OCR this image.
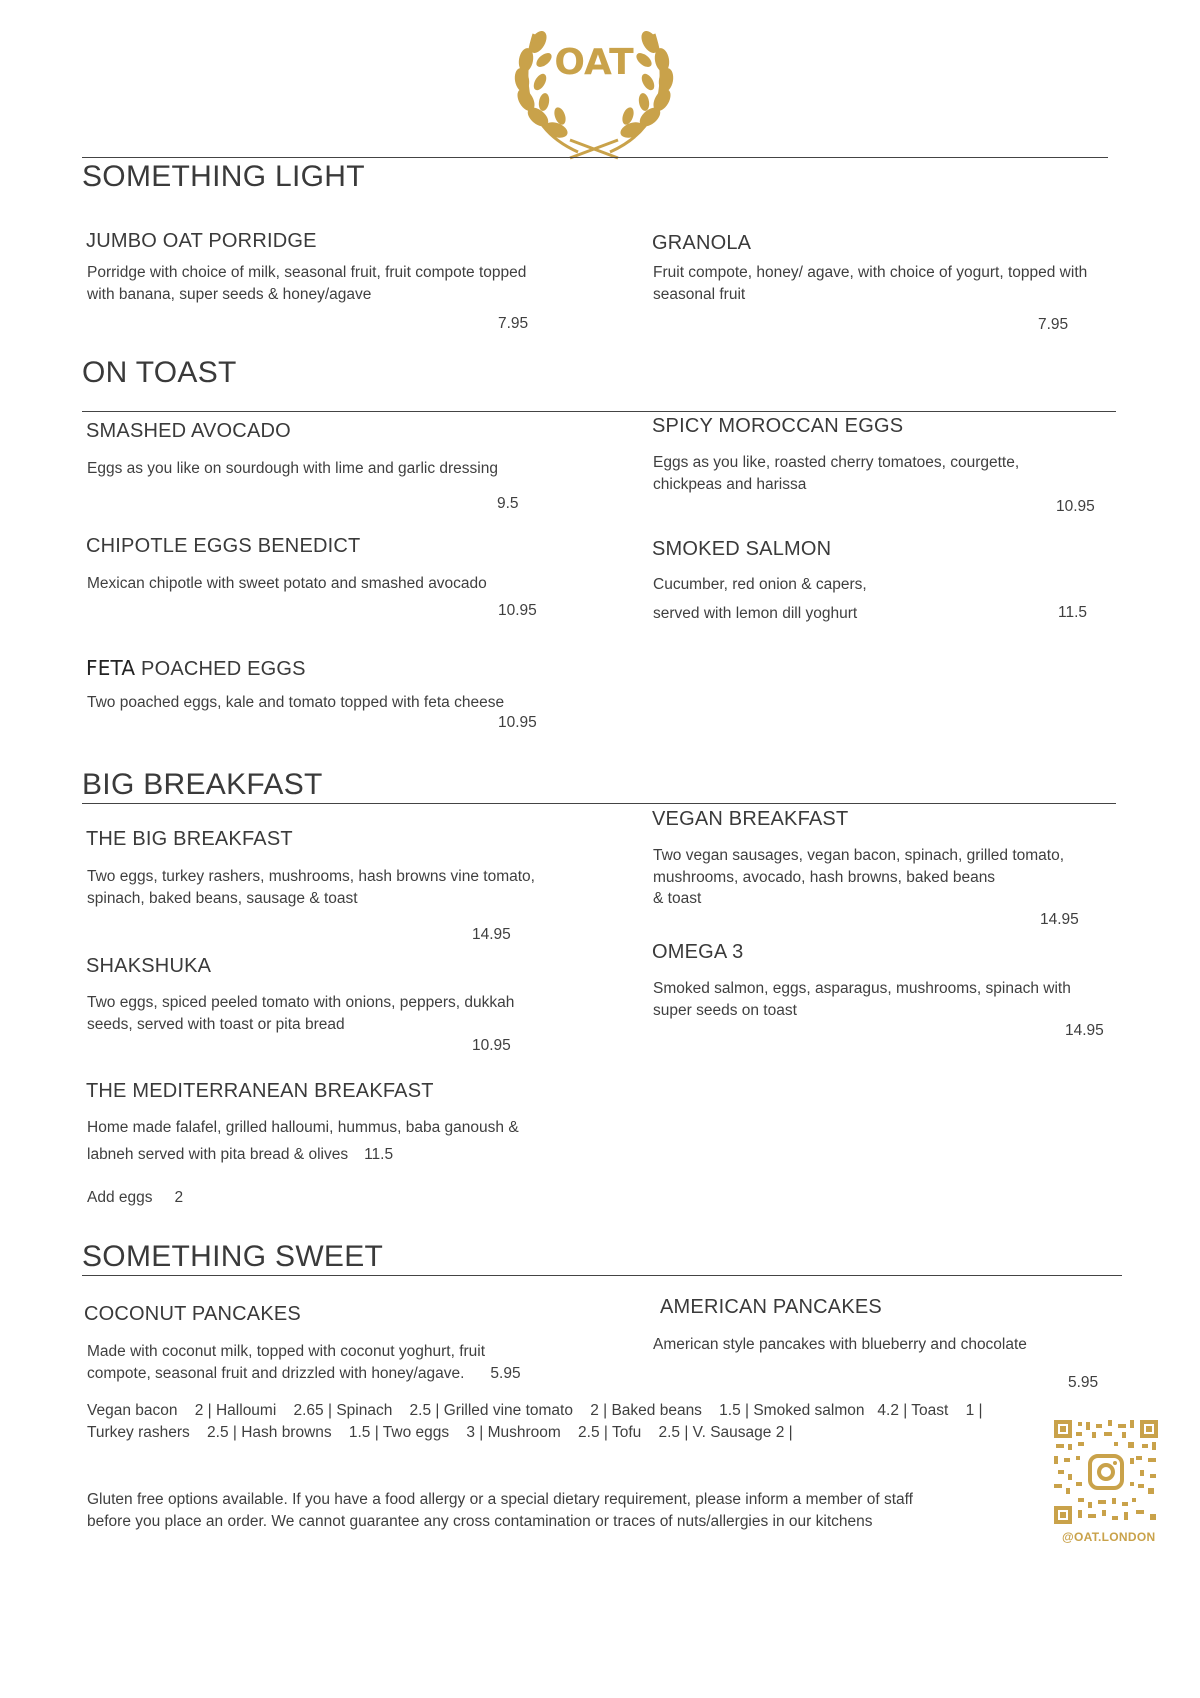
OAT
SOMETHING LIGHT
JUMBO OAT PORRIDGE
Porridge with choice of milk, seasonal fruit, fruit compote topped
with banana, super seeds & honey/agave
7.95
GRANOLA
Fruit compote, honey/ agave, with choice of yogurt, topped with
seasonal fruit
7.95
ON TOAST
SMASHED AVOCADO
Eggs as you like on sourdough with lime and garlic dressing
9.5
SPICY MOROCCAN EGGS
Eggs as you like, roasted cherry tomatoes, courgette,
chickpeas and harissa
10.95
CHIPOTLE EGGS BENEDICT
Mexican chipotle with sweet potato and smashed avocado
10.95
SMOKED SALMON
Cucumber, red onion & capers,
served with lemon dill yoghurt	11.5
FETA POACHED EGGS
Two poached eggs, kale and tomato topped with feta cheese
10.95
BIG BREAKFAST
THE BIG BREAKFAST
Two eggs, turkey rashers, mushrooms, hash browns vine tomato,
spinach, baked beans, sausage & toast
14.95
VEGAN BREAKFAST
Two vegan sausages, vegan bacon, spinach, grilled tomato,
mushrooms, avocado, hash browns, baked beans
& toast
14.95
SHAKSHUKA
Two eggs, spiced peeled tomato with onions, peppers, dukkah
seeds, served with toast or pita bread
10.95
OMEGA 3
Smoked salmon, eggs, asparagus, mushrooms, spinach with
super seeds on toast
14.95
THE MEDITERRANEAN BREAKFAST
Home made falafel, grilled halloumi, hummus, baba ganoush &
labneh served with pita bread & olives 11.5
Add eggs 2
SOMETHING SWEET
COCONUT PANCAKES
Made with coconut milk, topped with coconut yoghurt, fruit
compote, seasonal fruit and drizzled with honey/agave. 5.95
AMERICAN PANCAKES
American style pancakes with blueberry and chocolate
5.95
Vegan bacon    2 | Halloumi    2.65 | Spinach    2.5 | Grilled vine tomato    2 | Baked beans    1.5 | Smoked salmon   4.2 | Toast    1 |
Turkey rashers    2.5 | Hash browns    1.5 | Two eggs    3 | Mushroom    2.5 | Tofu    2.5 | V. Sausage 2 |
Gluten free options available. If you have a food allergy or a special dietary requirement, please inform a member of staff
before you place an order. We cannot guarantee any cross contamination or traces of nuts/allergies in our kitchens
@OAT.LONDON
